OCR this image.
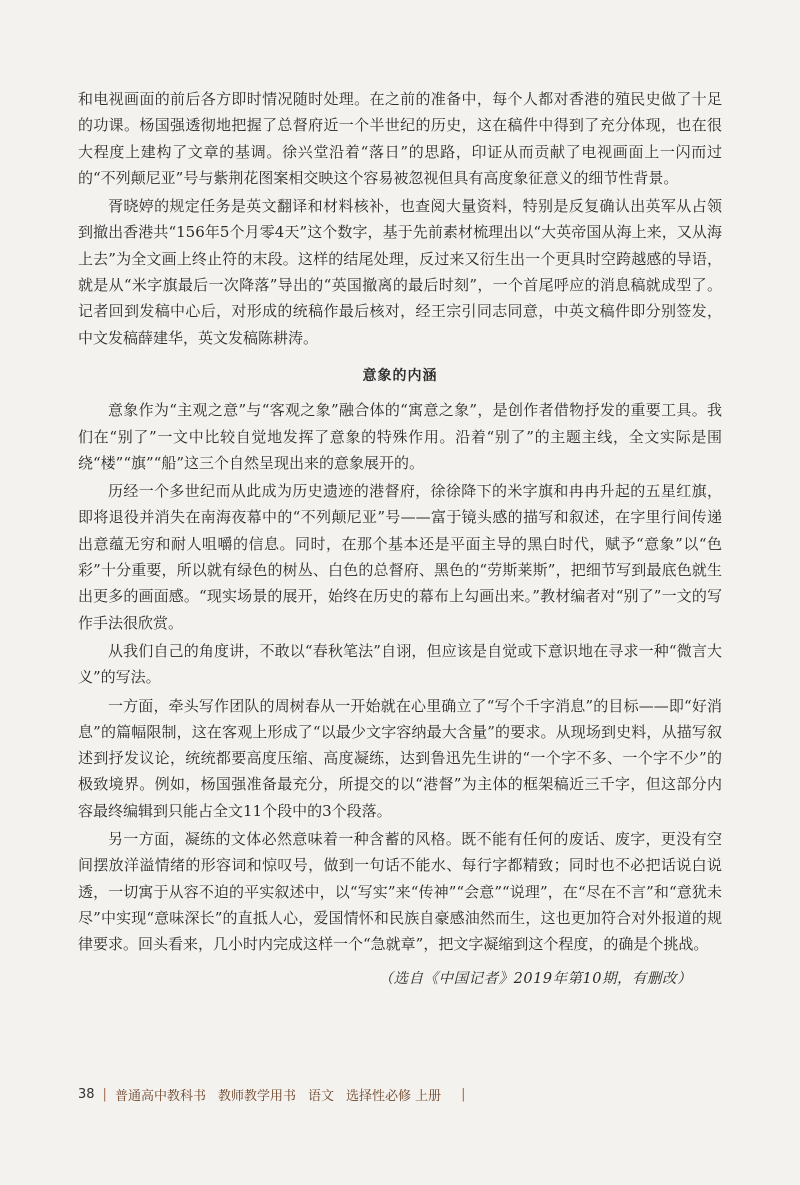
和电视画面的前后各方即时情况随时处理。在之前的准备中，每个人都对香港的殖民史做了十足的功课。杨国强透彻地把握了总督府近一个半世纪的历史，这在稿件中得到了充分体现，也在很大程度上建构了文章的基调。徐兴堂沿着“落日”的思路，印证从而贡献了电视画面上一闪而过的“不列颠尼亚”号与紫荆花图案相交映这个容易被忽视但具有高度象征意义的细节性背景。

胥晓婷的规定任务是英文翻译和材料核补，也查阅大量资料，特别是反复确认出英军从占领到撤出香港共“156年5个月零4天”这个数字，基于先前素材梳理出以“大英帝国从海上来，又从海上去”为全文画上终止符的末段。这样的结尾处理，反过来又衍生出一个更具时空跨越感的导语，就是从“米字旗最后一次降落”导出的“英国撤离的最后时刻”，一个首尾呼应的消息稿就成型了。记者回到发稿中心后，对形成的统稿作最后核对，经王宗引同志同意，中英文稿件即分别签发，中文发稿薛建华，英文发稿陈耕涛。

意象的内涵

意象作为“主观之意”与“客观之象”融合体的“寓意之象”，是创作者借物抒发的重要工具。我们在“别了”一文中比较自觉地发挥了意象的特殊作用。沿着“别了”的主题主线，全文实际是围绕“楼”“旗”“船”这三个自然呈现出来的意象展开的。

历经一个多世纪而从此成为历史遗迹的港督府，徐徐降下的米字旗和冉冉升起的五星红旗，即将退役并消失在南海夜幕中的“不列颠尼亚”号——富于镜头感的描写和叙述，在字里行间传递出意蕴无穷和耐人咀嚼的信息。同时，在那个基本还是平面主导的黑白时代，赋予“意象”以“色彩”十分重要，所以就有绿色的树丛、白色的总督府、黑色的“劳斯莱斯”，把细节写到最底色就生出更多的画面感。“现实场景的展开，始终在历史的幕布上勾画出来。”教材编者对“别了”一文的写作手法很欣赏。

从我们自己的角度讲，不敢以“春秋笔法”自诩，但应该是自觉或下意识地在寻求一种“微言大义”的写法。

一方面，牵头写作团队的周树春从一开始就在心里确立了“写个千字消息”的目标——即“好消息”的篇幅限制，这在客观上形成了“以最少文字容纳最大含量”的要求。从现场到史料，从描写叙述到抒发议论，统统都要高度压缩、高度凝练，达到鲁迅先生讲的“一个字不多、一个字不少”的极致境界。例如，杨国强准备最充分，所提交的以“港督”为主体的框架稿近三千字，但这部分内容最终编辑到只能占全文11个段中的3个段落。

另一方面，凝练的文体必然意味着一种含蓄的风格。既不能有任何的废话、废字，更没有空间摆放洋溢情绪的形容词和惊叹号，做到一句话不能水、每行字都精致；同时也不必把话说白说透，一切寓于从容不迫的平实叙述中，以“写实”来“传神”“会意”“说理”，在“尽在不言”和“意犹未尽”中实现“意味深长”的直抵人心，爱国情怀和民族自豪感油然而生，这也更加符合对外报道的规律要求。回头看来，几小时内完成这样一个“急就章”，把文字凝缩到这个程度，的确是个挑战。

（选自《中国记者》2019年第10期，有删改）
38 | 普通高中教科书 教师教学用书 语文 选择性必修 上册 |
